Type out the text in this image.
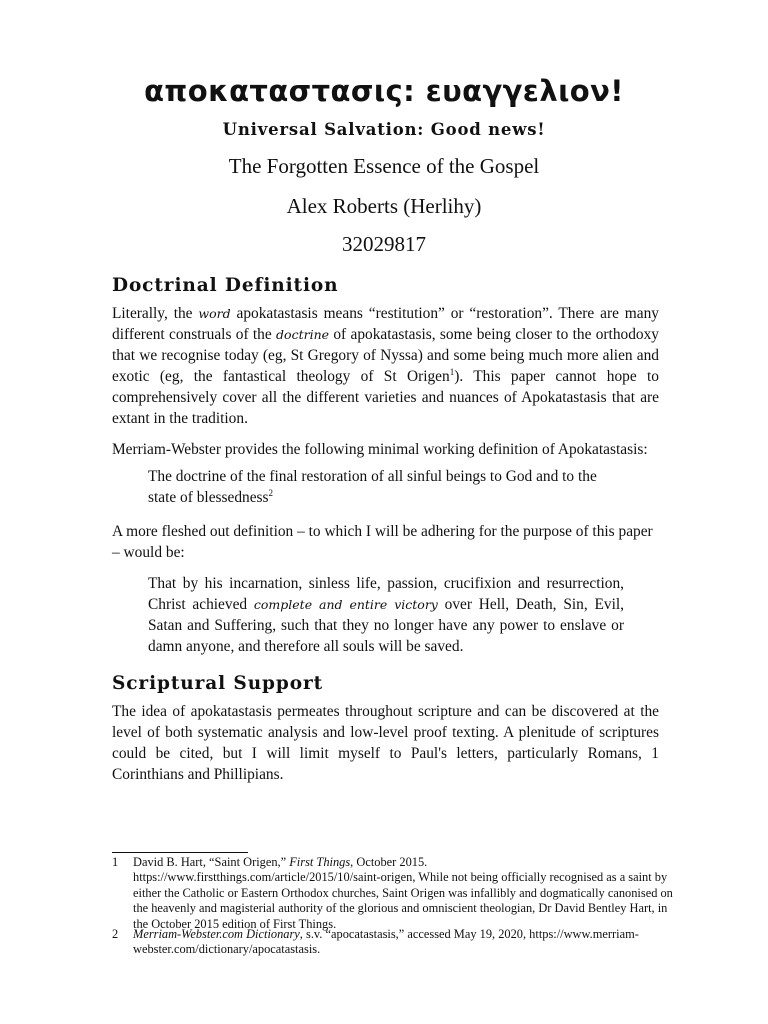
αποκαταστασις: ευαγγελιον!
Universal Salvation: Good news!
The Forgotten Essence of the Gospel
Alex Roberts (Herlihy)
32029817
Doctrinal Definition

Literally, the word apokatastasis means “restitution” or “restoration”. There are many different construals of the doctrine of apokatastasis, some being closer to the orthodoxy that we recognise today (eg, St Gregory of Nyssa) and some being much more alien and exotic (eg, the fantastical theology of St Origen$^1$). This paper cannot hope to comprehensively cover all the different varieties and nuances of Apokatastasis that are extant in the tradition.

Merriam-Webster provides the following minimal working definition of Apokatastasis:

The doctrine of the final restoration of all sinful beings to God and to the state of blessedness$^2$

A more fleshed out definition – to which I will be adhering for the purpose of this paper – would be:

That by his incarnation, sinless life, passion, crucifixion and resurrection, Christ achieved complete and entire victory over Hell, Death, Sin, Evil, Satan and Suffering, such that they no longer have any power to enslave or damn anyone, and therefore all souls will be saved.

Scriptural Support

The idea of apokatastasis permeates throughout scripture and can be discovered at the level of both systematic analysis and low-level proof texting. A plenitude of scriptures could be cited, but I will limit myself to Paul's letters, particularly Romans, 1 Corinthians and Phillipians.

1 David B. Hart, “Saint Origen,” First Things, October 2015. https://www.firstthings.com/article/2015/10/saint-origen, While not being officially recognised as a saint by either the Catholic or Eastern Orthodox churches, Saint Origen was infallibly and dogmatically canonised on the heavenly and magisterial authority of the glorious and omniscient theologian, Dr David Bentley Hart, in the October 2015 edition of First Things.
2 Merriam-Webster.com Dictionary, s.v. “apocatastasis,” accessed May 19, 2020, https://www.merriam-webster.com/dictionary/apocatastasis.
